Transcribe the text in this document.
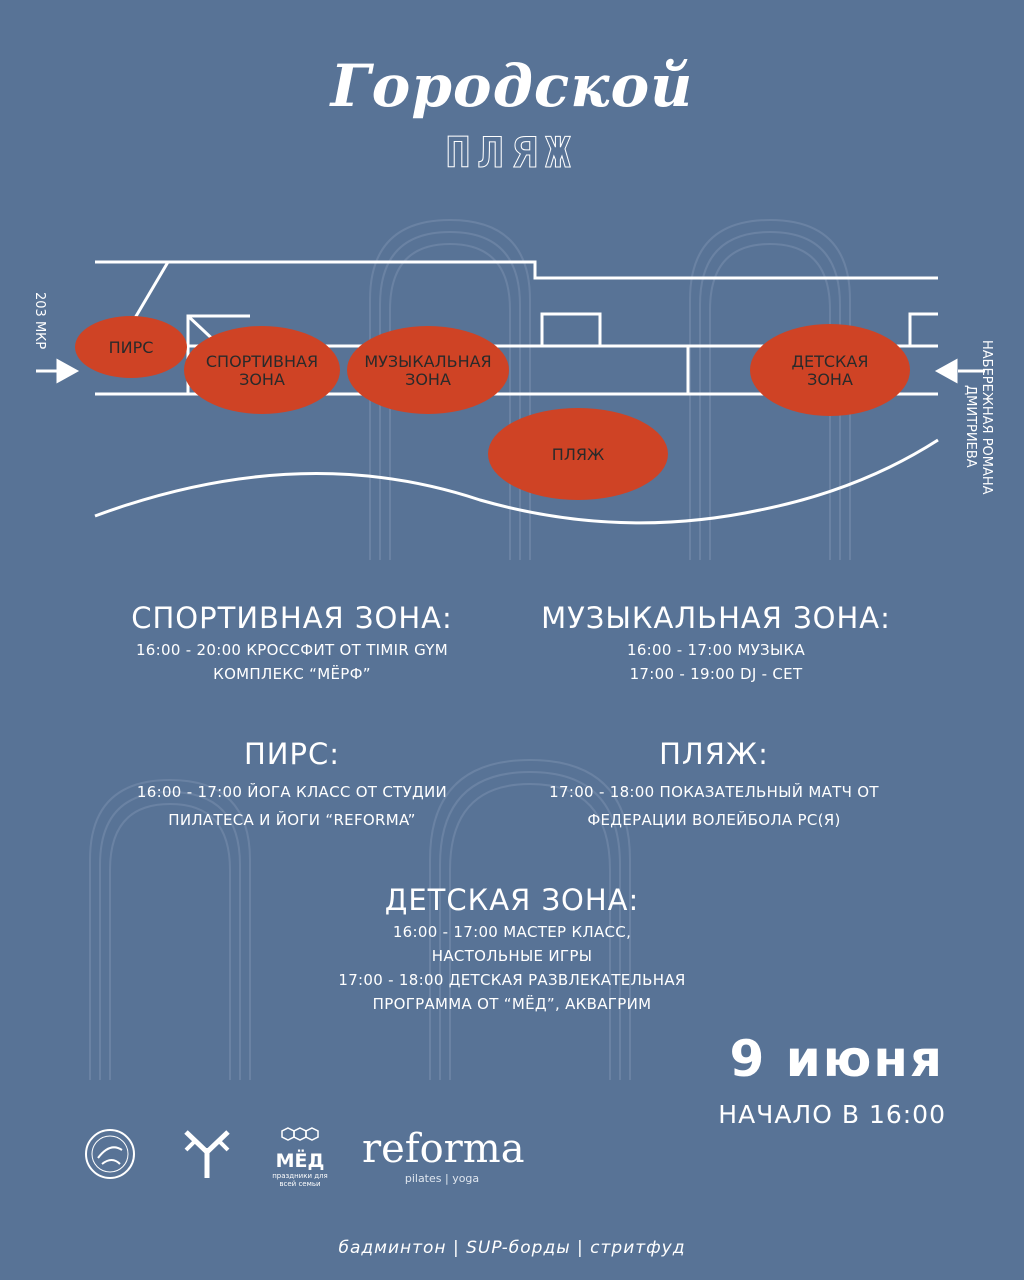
Городской
ПЛЯЖ
203 МКР
НАБЕРЕЖНАЯ РОМАНА
ДМИТРИЕВА
ПИРС
СПОРТИВНАЯ
ЗОНА
МУЗЫКАЛЬНАЯ
ЗОНА
ДЕТСКАЯ
ЗОНА
ПЛЯЖ
СПОРТИВНАЯ ЗОНА:
16:00 - 20:00 КРОССФИТ ОТ TIMIR GYM
КОМПЛЕКС “МЁРФ”
МУЗЫКАЛЬНАЯ ЗОНА:
16:00 - 17:00 МУЗЫКА
17:00 - 19:00 DJ - СЕТ
ПИРС:
16:00 - 17:00 ЙОГА КЛАСС ОТ СТУДИИ
ПИЛАТЕСА И ЙОГИ “REFORMA”
ПЛЯЖ:
17:00 - 18:00 ПОКАЗАТЕЛЬНЫЙ МАТЧ ОТ
ФЕДЕРАЦИИ ВОЛЕЙБОЛА РС(Я)
ДЕТСКАЯ ЗОНА:
16:00 - 17:00 МАСТЕР КЛАСС,
НАСТОЛЬНЫЕ ИГРЫ
17:00 - 18:00 ДЕТСКАЯ РАЗВЛЕКАТЕЛЬНАЯ
ПРОГРАММА ОТ “МЁД”, АКВАГРИМ
9 июня
НАЧАЛО В 16:00
МЁД
праздники для всей семьи
reforma
pilates | yoga
бадминтон | SUP-борды | стритфуд
